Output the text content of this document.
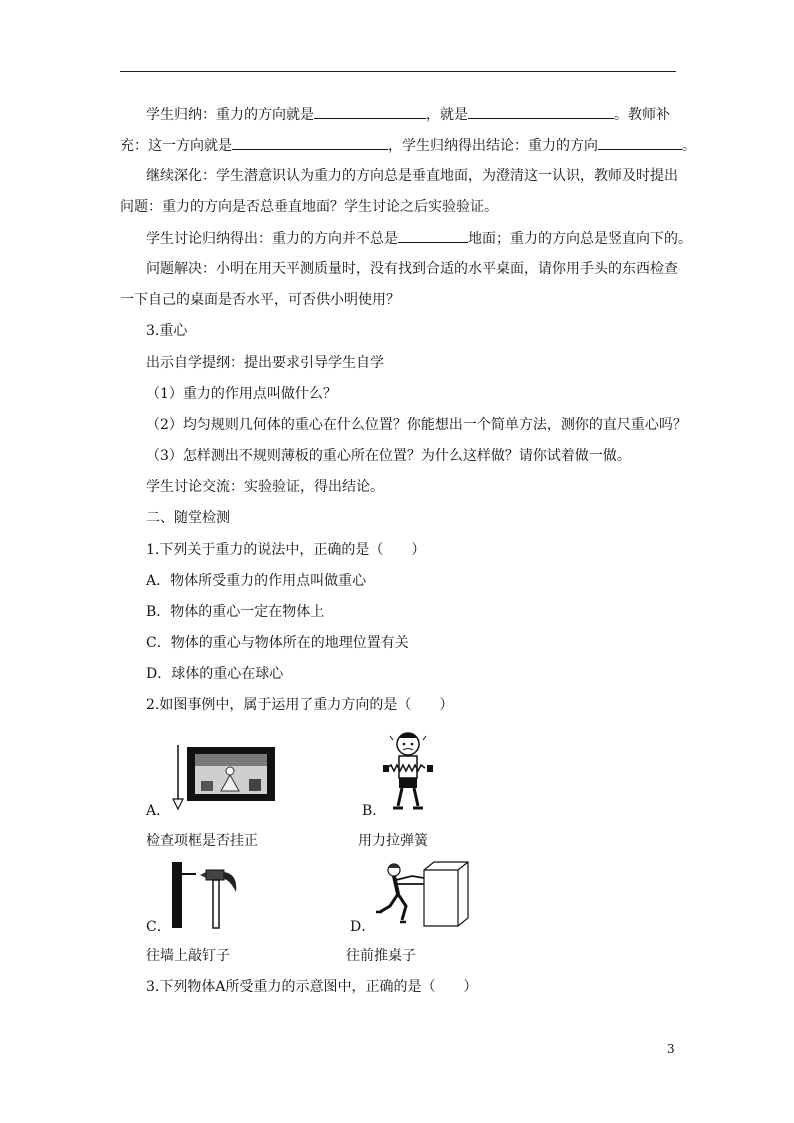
学生归纳：重力的方向就是	，就是	。教师补
充：这一方向就是	，学生归纳得出结论：重力的方向	。
继续深化：学生潜意识认为重力的方向总是垂直地面，为澄清这一认识，教师及时提出
问题：重力的方向是否总垂直地面？学生讨论之后实验验证。
学生讨论归纳得出：重力的方向并不总是	地面；重力的方向总是竖直向下的。
问题解决：小明在用天平测质量时，没有找到合适的水平桌面，请你用手头的东西检查
一下自己的桌面是否水平，可否供小明使用？
3.重心
出示自学提纲：提出要求引导学生自学
（1）重力的作用点叫做什么？
（2）均匀规则几何体的重心在什么位置？你能想出一个简单方法，测你的直尺重心吗？
（3）怎样测出不规则薄板的重心所在位置？为什么这样做？请你试着做一做。
学生讨论交流：实验验证，得出结论。
二、随堂检测
1.下列关于重力的说法中，正确的是（　　）
A．物体所受重力的作用点叫做重心
B．物体的重心一定在物体上
C．物体的重心与物体所在的地理位置有关
D．球体的重心在球心
2.如图事例中，属于运用了重力方向的是（　　）
A．
检查项框是否挂正
B．
用力拉弹簧
C．
往墙上敲钉子
D．
往前推桌子
3.下列物体A所受重力的示意图中，正确的是（　　）
3
